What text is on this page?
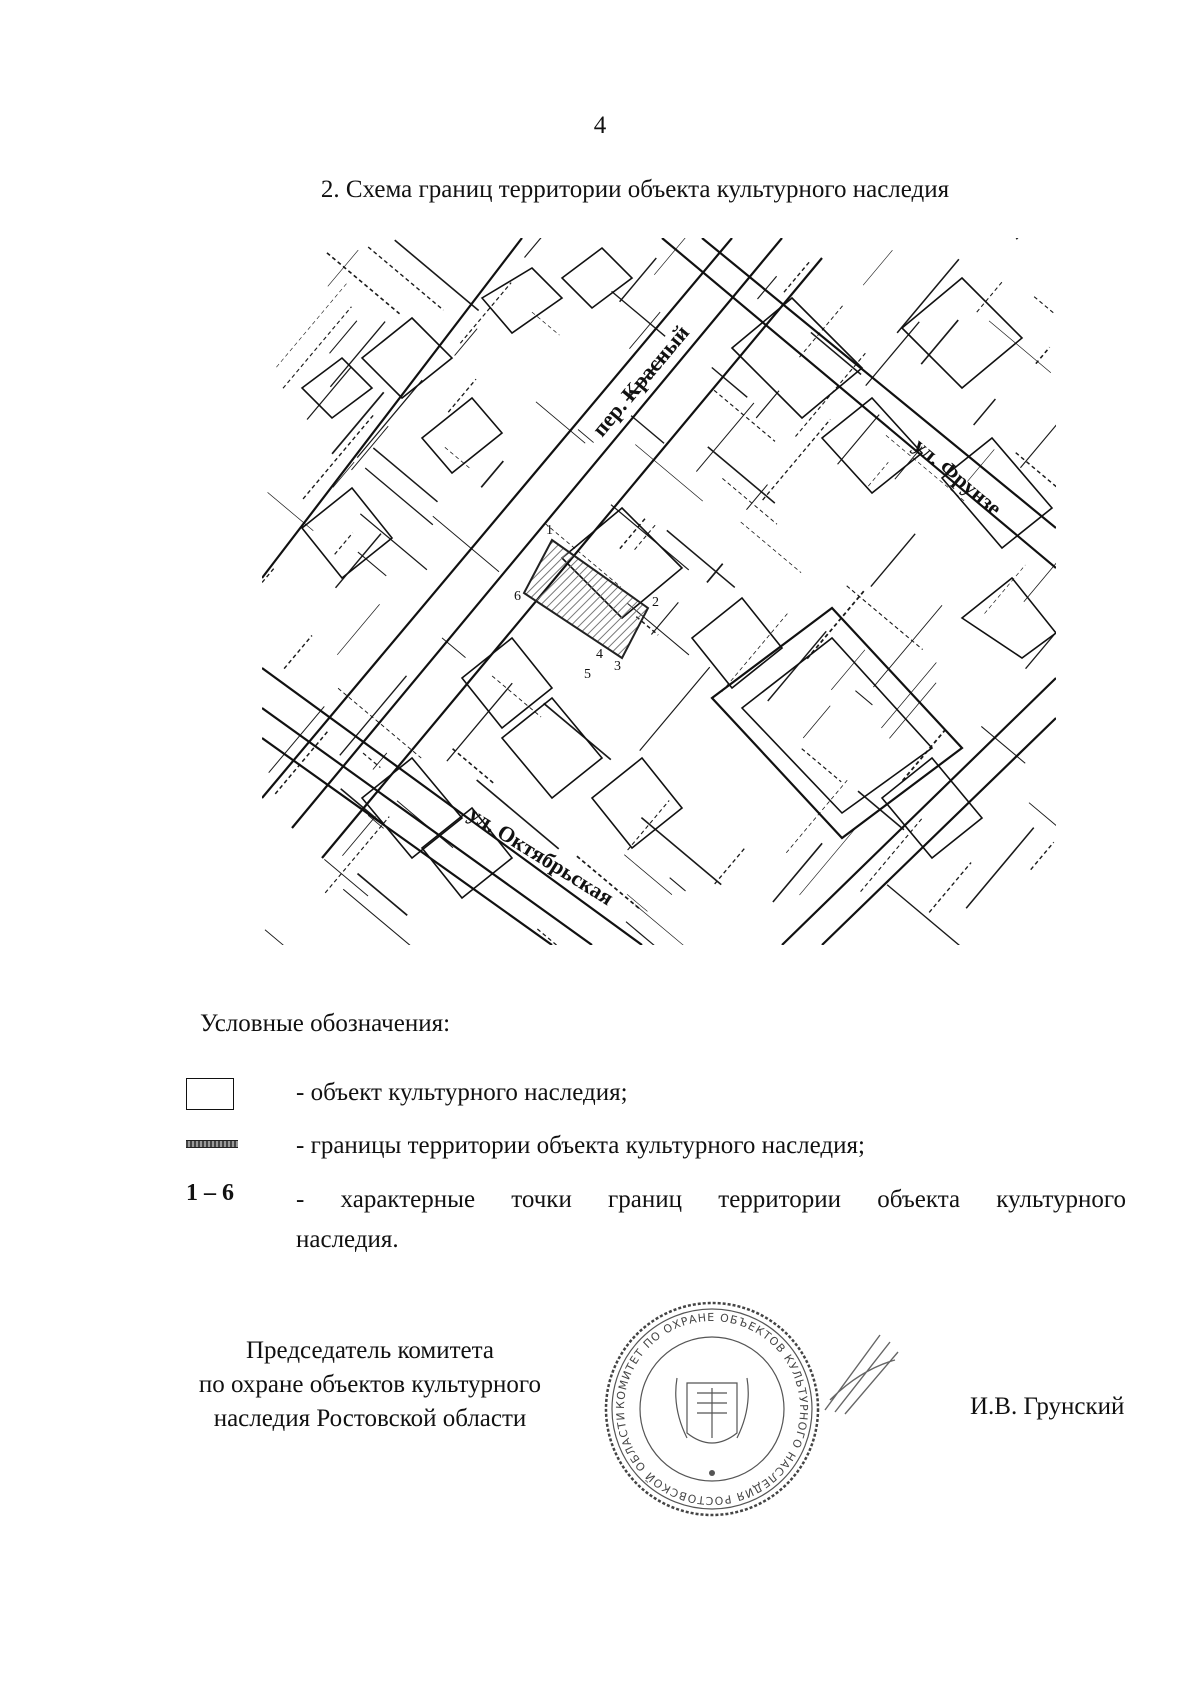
4
2. Схема границ территории объекта культурного наследия
1
2
3
4
5
6
пер. Красный
ул. Фрунзе
ул. Октябрьская
Условные обозначения:
- объект культурного наследия;
- границы территории объекта культурного наследия;
1 – 6 - характерные точки границ территории объекта культурного
наследия.
Председатель комитета
по охране объектов культурного
наследия Ростовской области
КОМИТЕТ ПО ОХРАНЕ ОБЪЕКТОВ КУЛЬТУРНОГО НАСЛЕДИЯ РОСТОВСКОЙ ОБЛАСТИ	И.В. Грунский
